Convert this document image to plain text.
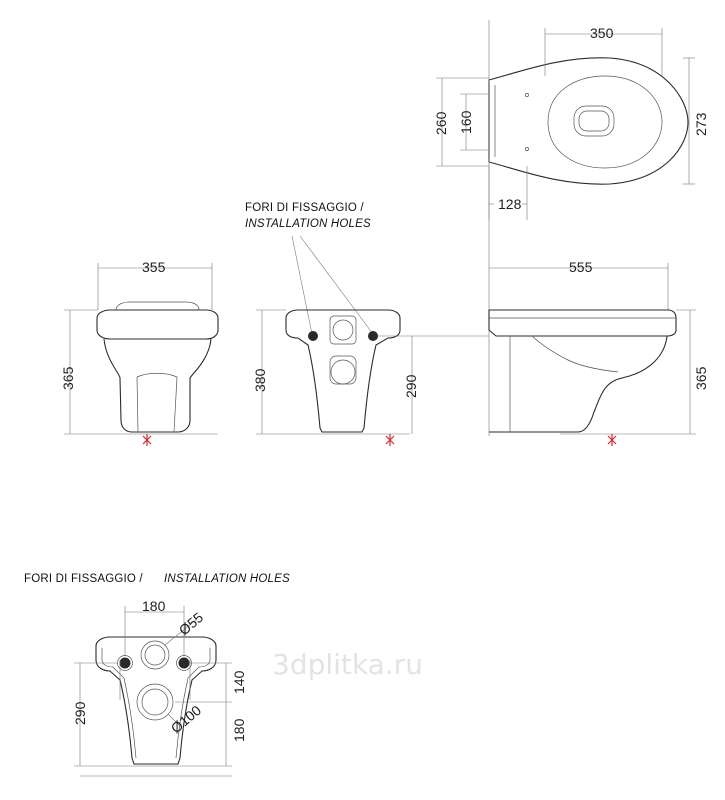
350
260 160	273
128
FORI DI FISSAGGIO /
INSTALLATION HOLES
355
365	380	290
555
365
FORI DI FISSAGGIO / INSTALLATION HOLES
180
Ø55
Ø100
290
140
180
3dplitka.ru
